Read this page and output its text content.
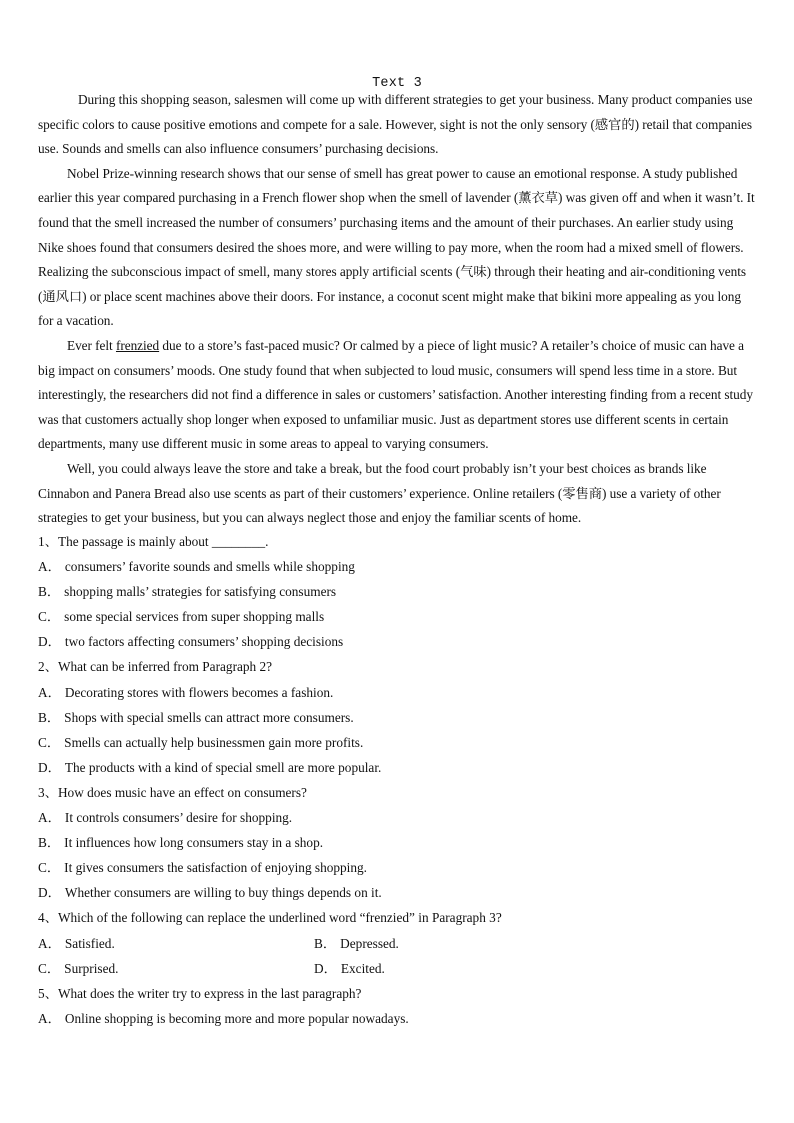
Text 3

During this shopping season, salesmen will come up with different strategies to get your business. Many product companies use specific colors to cause positive emotions and compete for a sale. However, sight is not the only sensory (感官的) retail that companies use. Sounds and smells can also influence consumers’ purchasing decisions.

Nobel Prize-winning research shows that our sense of smell has great power to cause an emotional response. A study published earlier this year compared purchasing in a French flower shop when the smell of lavender (薰衣草) was given off and when it wasn’t. It found that the smell increased the number of consumers’ purchasing items and the amount of their purchases. An earlier study using Nike shoes found that consumers desired the shoes more, and were willing to pay more, when the room had a mixed smell of flowers. Realizing the subconscious impact of smell, many stores apply artificial scents (气味) through their heating and air-conditioning vents (通风口) or place scent machines above their doors. For instance, a coconut scent might make that bikini more appealing as you long for a vacation.

Ever felt frenzied due to a store’s fast-paced music? Or calmed by a piece of light music? A retailer’s choice of music can have a big impact on consumers’ moods. One study found that when subjected to loud music, consumers will spend less time in a store. But interestingly, the researchers did not find a difference in sales or customers’ satisfaction. Another interesting finding from a recent study was that customers actually shop longer when exposed to unfamiliar music. Just as department stores use different scents in certain departments, many use different music in some areas to appeal to varying consumers.

Well, you could always leave the store and take a break, but the food court probably isn’t your best choices as brands like Cinnabon and Panera Bread also use scents as part of their customers’ experience. Online retailers (零售商) use a variety of other strategies to get your business, but you can always neglect those and enjoy the familiar scents of home.

1、The passage is mainly about ________.
A． consumers’ favorite sounds and smells while shopping
B． shopping malls’ strategies for satisfying consumers
C． some special services from super shopping malls
D． two factors affecting consumers’ shopping decisions
2、What can be inferred from Paragraph 2?
A． Decorating stores with flowers becomes a fashion.
B． Shops with special smells can attract more consumers.
C． Smells can actually help businessmen gain more profits.
D． The products with a kind of special smell are more popular.
3、How does music have an effect on consumers?
A． It controls consumers’ desire for shopping.
B． It influences how long consumers stay in a shop.
C． It gives consumers the satisfaction of enjoying shopping.
D． Whether consumers are willing to buy things depends on it.
4、Which of the following can replace the underlined word “frenzied” in Paragraph 3?
A． Satisfied.	B． Depressed.
C． Surprised.	D． Excited.
5、What does the writer try to express in the last paragraph?
A． Online shopping is becoming more and more popular nowadays.
